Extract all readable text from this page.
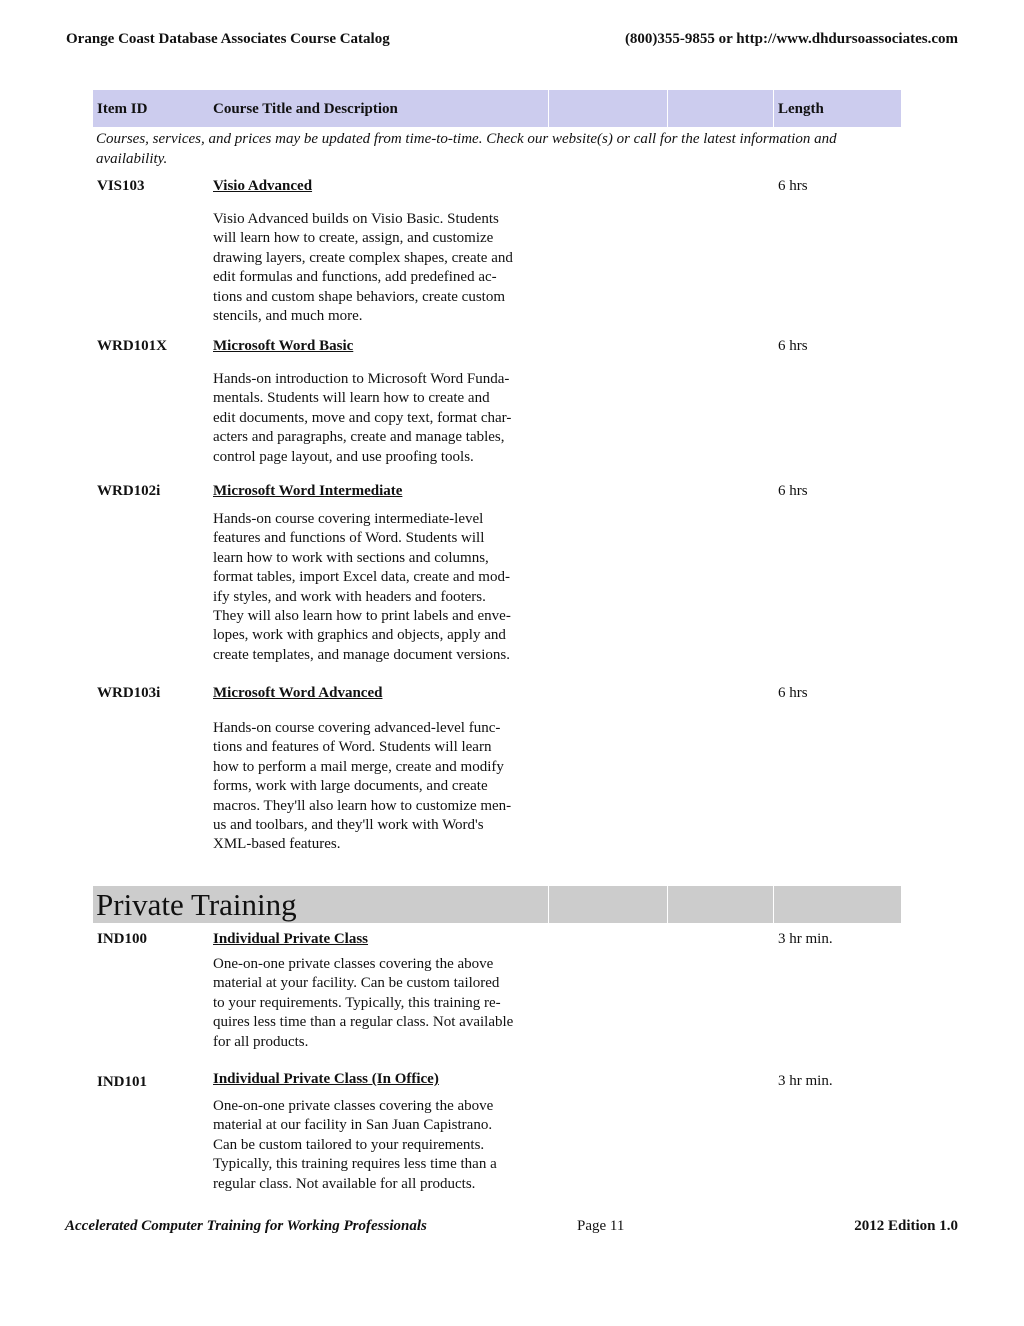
Orange Coast Database Associates Course Catalog	(800)355-9855 or http://www.dhdursoassociates.com
Item ID	Course Title and Description	Length
Courses, services, and prices may be updated from time-to-time. Check our website(s) or call for the latest information and availability.
VIS103	Visio Advanced	6 hrs
Visio Advanced builds on Visio Basic. Students
will learn how to create, assign, and customize
drawing layers, create complex shapes, create and
edit formulas and functions, add predefined ac-
tions and custom shape behaviors, create custom
stencils, and much more.
WRD101X	Microsoft Word Basic	6 hrs
Hands-on introduction to Microsoft Word Funda-
mentals. Students will learn how to create and
edit documents, move and copy text, format char-
acters and paragraphs, create and manage tables,
control page layout, and use proofing tools.
WRD102i	Microsoft Word Intermediate	6 hrs
Hands-on course covering intermediate-level
features and functions of Word. Students will
learn how to work with sections and columns,
format tables, import Excel data, create and mod-
ify styles, and work with headers and footers.
They will also learn how to print labels and enve-
lopes, work with graphics and objects, apply and
create templates, and manage document versions.
WRD103i	Microsoft Word Advanced	6 hrs
Hands-on course covering advanced-level func-
tions and features of Word. Students will learn
how to perform a mail merge, create and modify
forms, work with large documents, and create
macros. They'll also learn how to customize men-
us and toolbars, and they'll work with Word's
XML-based features.
Private Training
IND100	Individual Private Class	3 hr min.
One-on-one private classes covering the above
material at your facility. Can be custom tailored
to your requirements. Typically, this training re-
quires less time than a regular class. Not available
for all products.
IND101	Individual Private Class (In Office)	3 hr min.
One-on-one private classes covering the above
material at our facility in San Juan Capistrano.
Can be custom tailored to your requirements.
Typically, this training requires less time than a
regular class. Not available for all products.
Accelerated Computer Training for Working Professionals	Page 11	2012 Edition 1.0
